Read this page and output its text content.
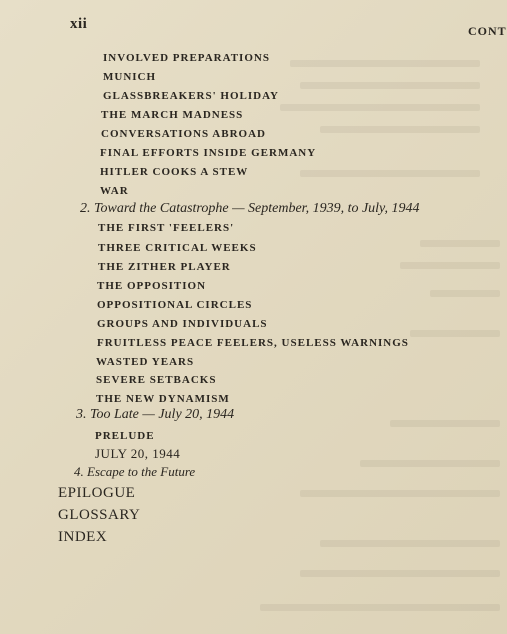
xii	CONT
INVOLVED PREPARATIONS
MUNICH
GLASSBREAKERS' HOLIDAY
THE MARCH MADNESS
CONVERSATIONS ABROAD
FINAL EFFORTS INSIDE GERMANY
HITLER COOKS A STEW
WAR
2. Toward the Catastrophe — September, 1939, to July, 1944
THE FIRST 'FEELERS'
THREE CRITICAL WEEKS
THE ZITHER PLAYER
THE OPPOSITION
OPPOSITIONAL CIRCLES
GROUPS AND INDIVIDUALS
FRUITLESS PEACE FEELERS, USELESS WARNINGS
WASTED YEARS
SEVERE SETBACKS
THE NEW DYNAMISM
3. Too Late — July 20, 1944
PRELUDE
JULY 20, 1944
4. Escape to the Future
EPILOGUE
GLOSSARY
INDEX
